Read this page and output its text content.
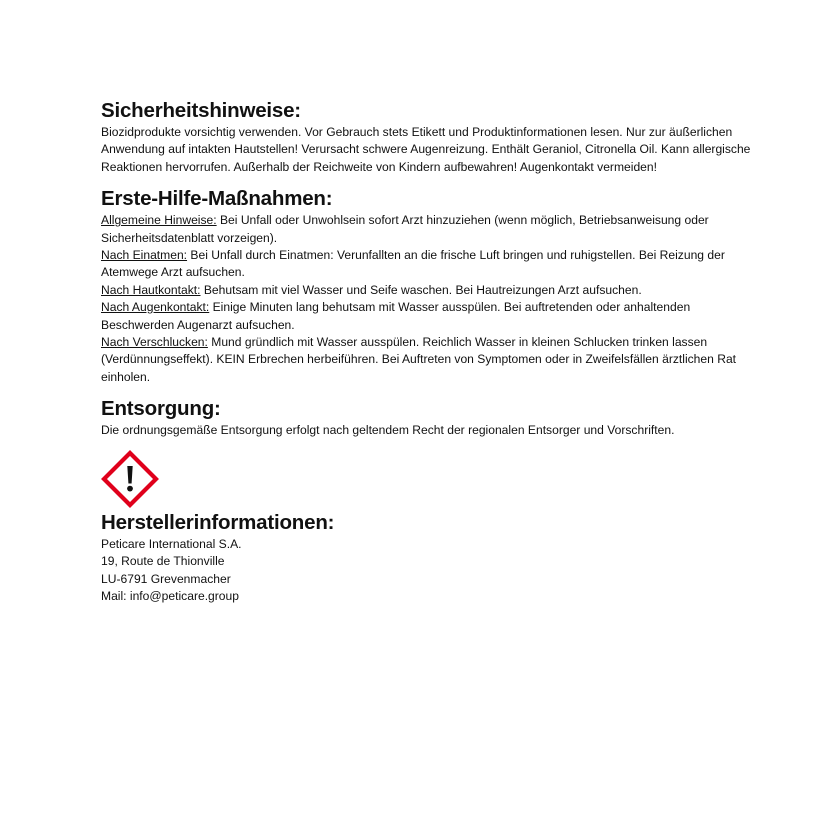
Sicherheitshinweise:

Biozidprodukte vorsichtig verwenden. Vor Gebrauch stets Etikett und Produktinformationen lesen. Nur zur äußerlichen Anwendung auf intakten Hautstellen! Verursacht schwere Augenreizung. Enthält Geraniol, Citronella Oil. Kann allergische Reaktionen hervorrufen. Außerhalb der Reichweite von Kindern aufbewahren! Augenkontakt vermeiden!

Erste-Hilfe-Maßnahmen:

Allgemeine Hinweise: Bei Unfall oder Unwohlsein sofort Arzt hinzuziehen (wenn möglich, Betriebsanweisung oder Sicherheitsdatenblatt vorzeigen).
Nach Einatmen: Bei Unfall durch Einatmen: Verunfallten an die frische Luft bringen und ruhigstellen. Bei Reizung der Atemwege Arzt aufsuchen.
Nach Hautkontakt: Behutsam mit viel Wasser und Seife waschen. Bei Hautreizungen Arzt aufsuchen.
Nach Augenkontakt: Einige Minuten lang behutsam mit Wasser ausspülen. Bei auftretenden oder anhaltenden Beschwerden Augenarzt aufsuchen.
Nach Verschlucken: Mund gründlich mit Wasser ausspülen. Reichlich Wasser in kleinen Schlucken trinken lassen (Verdünnungseffekt). KEIN Erbrechen herbeiführen. Bei Auftreten von Symptomen oder in Zweifelsfällen ärztlichen Rat einholen.

Entsorgung:

Die ordnungsgemäße Entsorgung erfolgt nach geltendem Recht der regionalen Entsorger und Vorschriften.

Herstellerinformationen:

Peticare International S.A.
19, Route de Thionville
LU-6791 Grevenmacher
Mail: info@peticare.group
